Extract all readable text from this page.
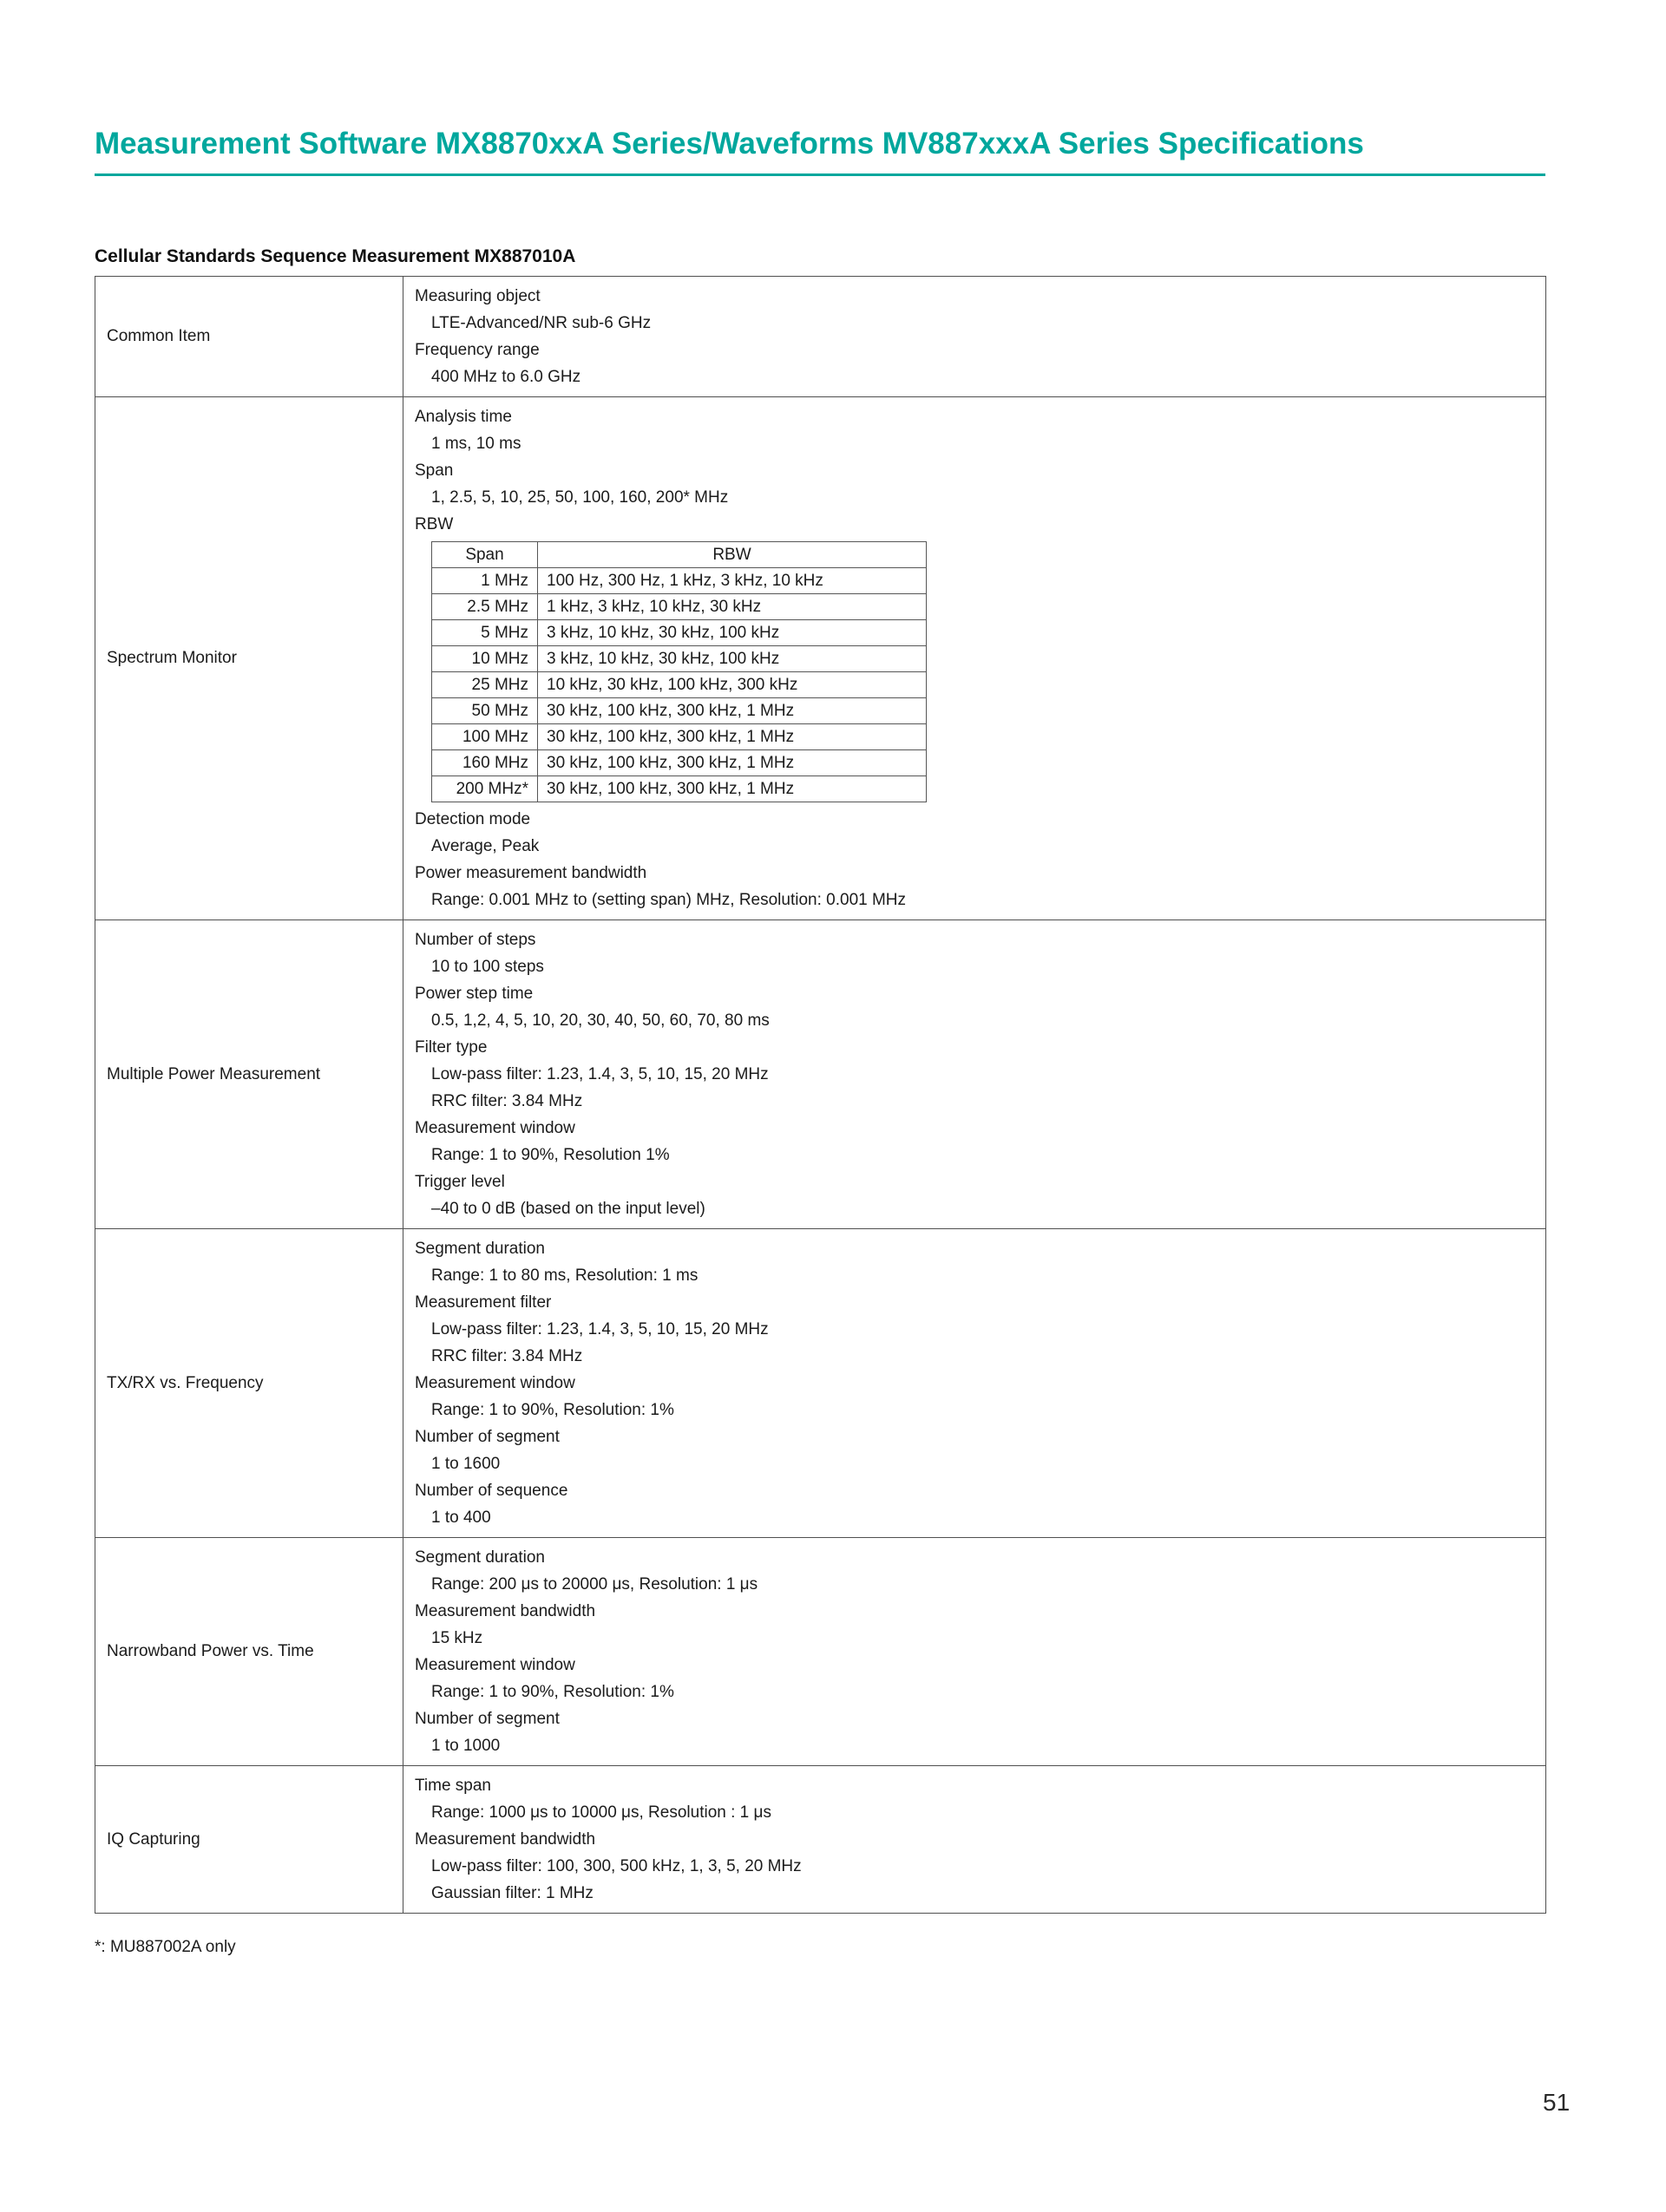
Measurement Software MX8870xxA Series/Waveforms MV887xxxA Series Specifications
Cellular Standards Sequence Measurement MX887010A
Common Item	
Measuring object
LTE-Advanced/NR sub-6 GHz
Frequency range
400 MHz to 6.0 GHz

Spectrum Monitor	
Analysis time
1 ms, 10 ms
Span
1, 2.5, 5, 10, 25, 50, 100, 160, 200* MHz
RBW
Span	RBW
1 MHz	100 Hz, 300 Hz, 1 kHz, 3 kHz, 10 kHz
2.5 MHz	1 kHz, 3 kHz, 10 kHz, 30 kHz
5 MHz	3 kHz, 10 kHz, 30 kHz, 100 kHz
10 MHz	3 kHz, 10 kHz, 30 kHz, 100 kHz
25 MHz	10 kHz, 30 kHz, 100 kHz, 300 kHz
50 MHz	30 kHz, 100 kHz, 300 kHz, 1 MHz
100 MHz	30 kHz, 100 kHz, 300 kHz, 1 MHz
160 MHz	30 kHz, 100 kHz, 300 kHz, 1 MHz
200 MHz*	30 kHz, 100 kHz, 300 kHz, 1 MHz
Detection mode
Average, Peak
Power measurement bandwidth
Range: 0.001 MHz to (setting span) MHz, Resolution: 0.001 MHz

Multiple Power Measurement	
Number of steps
10 to 100 steps
Power step time
0.5, 1,2, 4, 5, 10, 20, 30, 40, 50, 60, 70, 80 ms
Filter type
Low-pass filter: 1.23, 1.4, 3, 5, 10, 15, 20 MHz
RRC filter: 3.84 MHz
Measurement window
Range: 1 to 90%, Resolution 1%
Trigger level
–40 to 0 dB (based on the input level)

TX/RX vs. Frequency	
Segment duration
Range: 1 to 80 ms, Resolution: 1 ms
Measurement filter
Low-pass filter: 1.23, 1.4, 3, 5, 10, 15, 20 MHz
RRC filter: 3.84 MHz
Measurement window
Range: 1 to 90%, Resolution: 1%
Number of segment
1 to 1600
Number of sequence
1 to 400

Narrowband Power vs. Time	
Segment duration
Range: 200 μs to 20000 μs, Resolution: 1 μs
Measurement bandwidth
15 kHz
Measurement window
Range: 1 to 90%, Resolution: 1%
Number of segment
1 to 1000

IQ Capturing	
Time span
Range: 1000 μs to 10000 μs, Resolution : 1 μs
Measurement bandwidth
Low-pass filter: 100, 300, 500 kHz, 1, 3, 5, 20 MHz
Gaussian filter: 1 MHz
*: MU887002A only
51
